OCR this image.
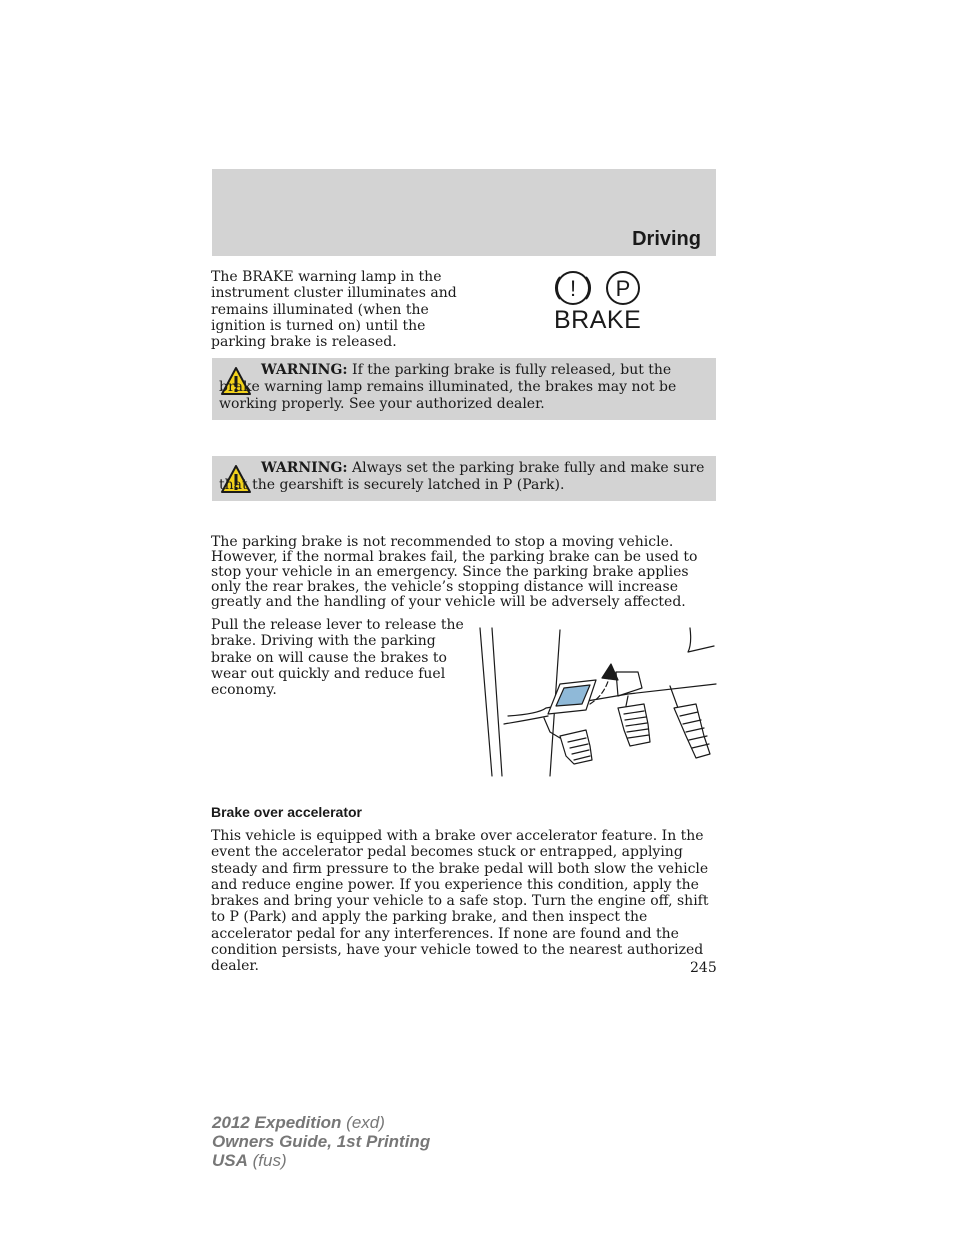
Driving
The BRAKE warning lamp in the instrument cluster illuminates and remains illuminated (when the ignition is turned on) until the parking brake is released.
! P
BRAKE
WARNING: If the parking brake is fully released, but the brake warning lamp remains illuminated, the brakes may not be working properly. See your authorized dealer.
WARNING: Always set the parking brake fully and make sure that the gearshift is securely latched in P (Park).
The parking brake is not recommended to stop a moving vehicle. However, if the normal brakes fail, the parking brake can be used to stop your vehicle in an emergency. Since the parking brake applies only the rear brakes, the vehicle’s stopping distance will increase greatly and the handling of your vehicle will be adversely affected.
Pull the release lever to release the brake. Driving with the parking brake on will cause the brakes to wear out quickly and reduce fuel economy.
Brake over accelerator
This vehicle is equipped with a brake over accelerator feature. In the event the accelerator pedal becomes stuck or entrapped, applying steady and firm pressure to the brake pedal will both slow the vehicle and reduce engine power. If you experience this condition, apply the brakes and bring your vehicle to a safe stop. Turn the engine off, shift to P (Park) and apply the parking brake, and then inspect the accelerator pedal for any interferences. If none are found and the condition persists, have your vehicle towed to the nearest authorized dealer.	245
2012 Expedition (exd)
Owners Guide, 1st Printing
USA (fus)
